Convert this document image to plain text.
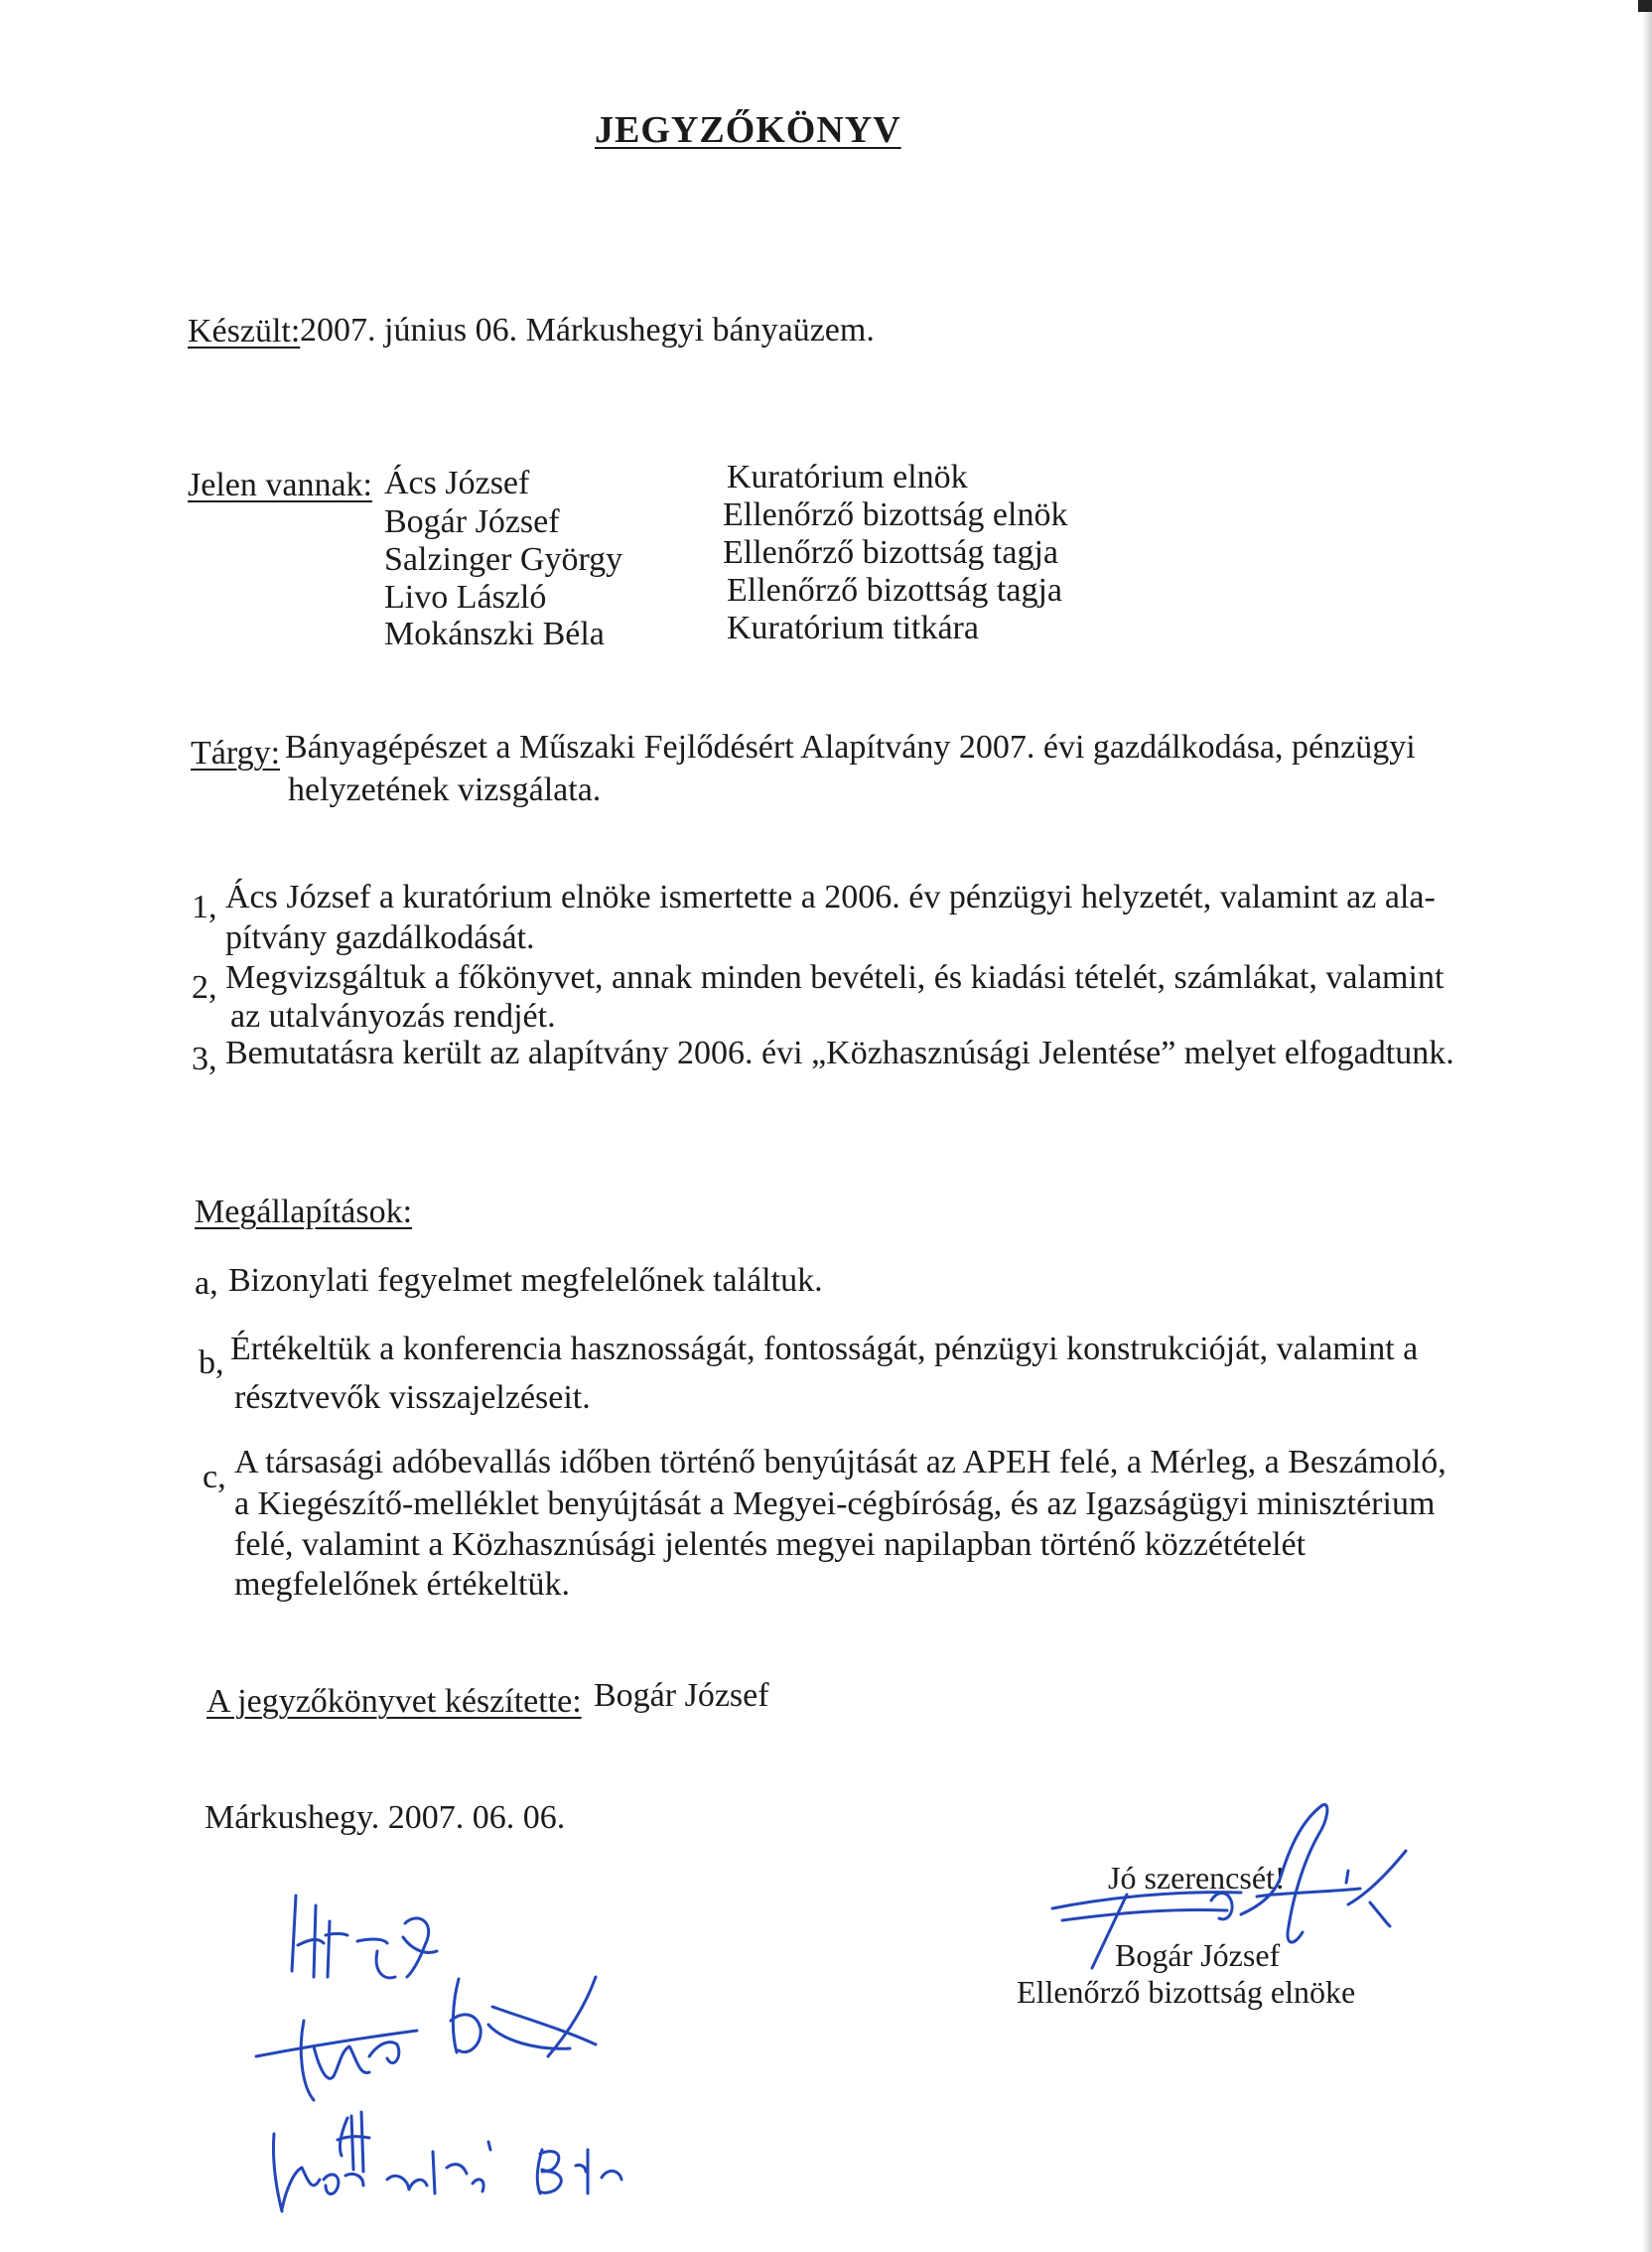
JEGYZŐKÖNYV
Készült: 2007. június 06. Márkushegyi bányaüzem.
Jelen vannak: Ács József	Kuratórium elnök
Bogár József	Ellenőrző bizottság elnök
Salzinger György	Ellenőrző bizottság tagja
Livo László	Ellenőrző bizottság tagja
Mokánszki Béla	Kuratórium titkára
Tárgy: Bányagépészet a Műszaki Fejlődésért Alapítvány 2007. évi gazdálkodása, pénzügyi
helyzetének vizsgálata.
1, Ács József a kuratórium elnöke ismertette a 2006. év pénzügyi helyzetét, valamint az ala-
pítvány gazdálkodását.
2, Megvizsgáltuk a főkönyvet, annak minden bevételi, és kiadási tételét, számlákat, valamint
az utalványozás rendjét.
3, Bemutatásra került az alapítvány 2006. évi „Közhasznúsági Jelentése” melyet elfogadtunk.
Megállapítások:
a, Bizonylati fegyelmet megfelelőnek találtuk.
b, Értékeltük a konferencia hasznosságát, fontosságát, pénzügyi konstrukcióját, valamint a
résztvevők visszajelzéseit.
c, A társasági adóbevallás időben történő benyújtását az APEH felé, a Mérleg, a Beszámoló,
a Kiegészítő-melléklet benyújtását a Megyei-cégbíróság, és az Igazságügyi minisztérium
felé, valamint a Közhasznúsági jelentés megyei napilapban történő közzétételét
megfelelőnek értékeltük.
A jegyzőkönyvet készítette: Bogár József
Márkushegy. 2007. 06. 06.
Jó szerencsét!
Bogár József
Ellenőrző bizottság elnöke
